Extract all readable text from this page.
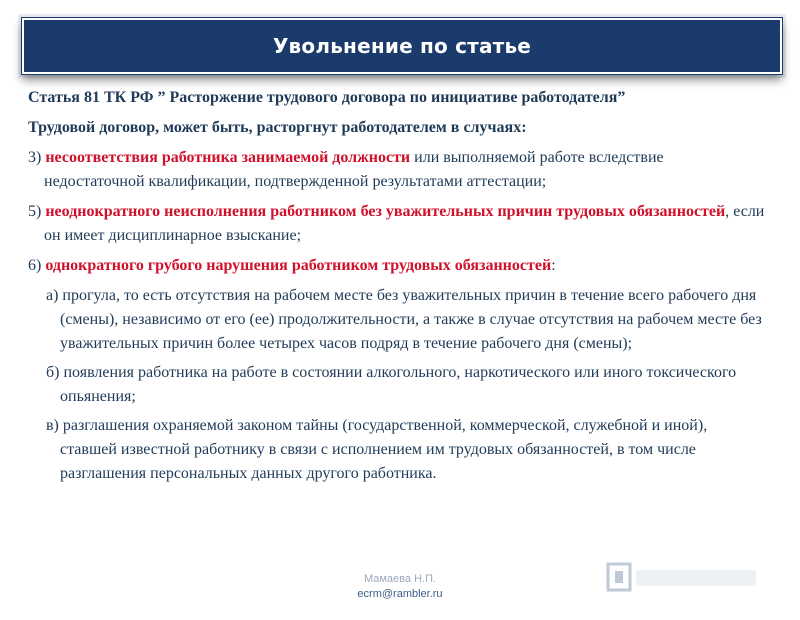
Увольнение по статье

Статья 81 ТК РФ ” Расторжение трудового договора по инициативе работодателя”

Трудовой договор, может быть, расторгнут работодателем в случаях:

3) несоответствия работника занимаемой должности или выполняемой работе вследствие недостаточной квалификации, подтвержденной результатами аттестации;

5) неоднократного неисполнения работником без уважительных причин трудовых обязанностей, если он имеет дисциплинарное взыскание;

6) однократного грубого нарушения работником трудовых обязанностей:

а) прогула, то есть отсутствия на рабочем месте без уважительных причин в течение всего рабочего дня (смены), независимо от его (ее) продолжительности, а также в случае отсутствия на рабочем месте без уважительных причин более четырех часов подряд в течение рабочего дня (смены);

б) появления работника на работе в состоянии алкогольного, наркотического или иного токсического опьянения;

в) разглашения охраняемой законом тайны (государственной, коммерческой, служебной и иной), ставшей известной работнику в связи с исполнением им трудовых обязанностей, в том числе разглашения персональных данных другого работника.

Мамаева Н.П.
ecrm@rambler.ru
